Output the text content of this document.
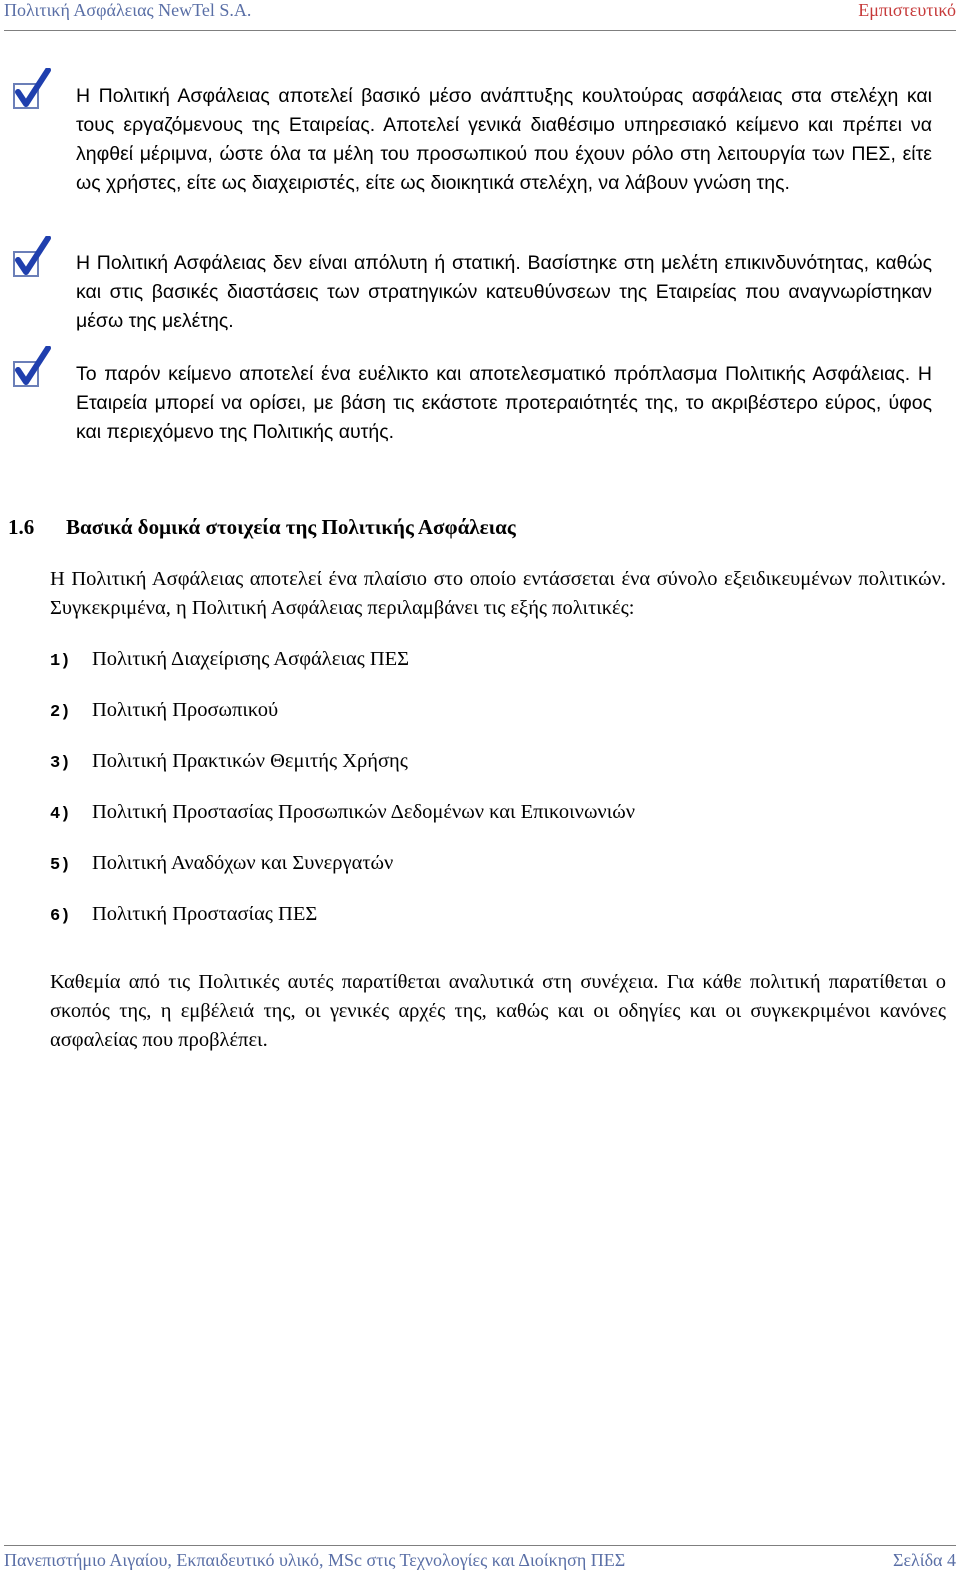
Πολιτική Ασφάλειας NewTel S.A.	Εμπιστευτικό
Η Πολιτική Ασφάλειας αποτελεί βασικό μέσο ανάπτυξης κουλτούρας ασφάλειας στα στελέχη και τους εργαζόμενους της Εταιρείας. Αποτελεί γενικά διαθέσιμο υπηρεσιακό κείμενο και πρέπει να ληφθεί μέριμνα, ώστε όλα τα μέλη του προσωπικού που έχουν ρόλο στη λειτουργία των ΠΕΣ, είτε ως χρήστες, είτε ως διαχειριστές, είτε ως διοικητικά στελέχη, να λάβουν γνώση της.
Η Πολιτική Ασφάλειας δεν είναι απόλυτη ή στατική. Βασίστηκε στη μελέτη επικινδυνότητας, καθώς και στις βασικές διαστάσεις των στρατηγικών κατευθύνσεων της Εταιρείας που αναγνωρίστηκαν μέσω της μελέτης.
Το παρόν κείμενο αποτελεί ένα ευέλικτο και αποτελεσματικό πρόπλασμα Πολιτικής Ασφάλειας. Η Εταιρεία μπορεί να ορίσει, με βάση τις εκάστοτε προτεραιότητές της, το ακριβέστερο εύρος, ύφος και περιεχόμενο της Πολιτικής αυτής.
1.6 Βασικά δομικά στοιχεία της Πολιτικής Ασφάλειας
Η Πολιτική Ασφάλειας αποτελεί ένα πλαίσιο στο οποίο εντάσσεται ένα σύνολο εξειδικευμένων πολιτικών. Συγκεκριμένα, η Πολιτική Ασφάλειας περιλαμβάνει τις εξής πολιτικές:
1) Πολιτική Διαχείρισης Ασφάλειας ΠΕΣ
2) Πολιτική Προσωπικού
3) Πολιτική Πρακτικών Θεμιτής Χρήσης
4) Πολιτική Προστασίας Προσωπικών Δεδομένων και Επικοινωνιών
5) Πολιτική Αναδόχων και Συνεργατών
6) Πολιτική Προστασίας ΠΕΣ
Καθεμία από τις Πολιτικές αυτές παρατίθεται αναλυτικά στη συνέχεια. Για κάθε πολιτική παρατίθεται ο σκοπός της, η εμβέλειά της, οι γενικές αρχές της, καθώς και οι οδηγίες και οι συγκεκριμένοι κανόνες ασφαλείας που προβλέπει.
Πανεπιστήμιο Αιγαίου, Εκπαιδευτικό υλικό, MSc στις Τεχνολογίες και Διοίκηση ΠΕΣ	Σελίδα 4
